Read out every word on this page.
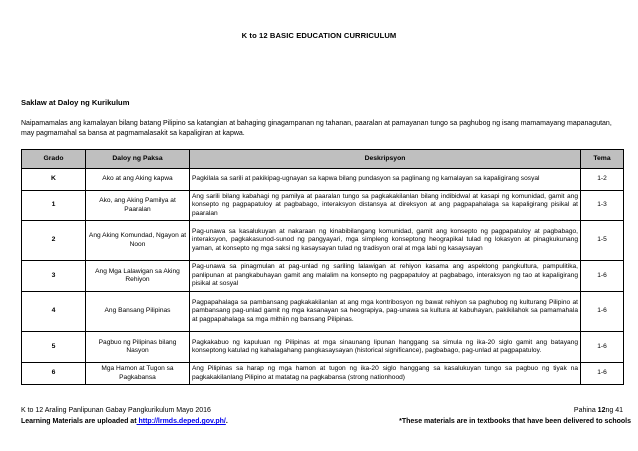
K to 12 BASIC EDUCATION CURRICULUM
Saklaw at Daloy ng Kurikulum
Naipamamalas ang kamalayan bilang batang Pilipino sa katangian at bahaging ginagampanan ng tahanan, paaralan at pamayanan tungo sa paghubog ng isang mamamayang mapanagutan, may pagmamahal sa bansa at pagmamalasakit sa kapaligiran at kapwa.
Grado	Daloy ng Paksa	Deskripsyon	Tema
K	Ako at ang Aking kapwa	Pagkilala sa sarili at pakikipag-ugnayan sa kapwa bilang pundasyon sa paglinang ng kamalayan sa kapaligirang sosyal	1-2
1	Ako, ang Aking Pamilya at Paaralan	Ang sarili bilang kabahagi ng pamilya at paaralan tungo sa pagkakakilanlan bilang indibidwal at kasapi ng komunidad, gamit ang konsepto ng pagpapatuloy at pagbabago, interaksyon distansya at direksyon at ang pagpapahalaga sa kapaligirang pisikal at paaralan	1-3
2	Ang Aking Komundad, Ngayon at Noon	Pag-unawa sa kasalukuyan at nakaraan ng kinabibilangang komunidad, gamit ang konsepto ng pagpapatuloy at pagbabago, interaksyon, pagkakasunod-sunod ng pangyayari, mga simpleng konseptong heograpikal tulad ng lokasyon at pinagkukunang yaman, at konsepto ng mga saksi ng kasaysayan tulad ng tradisyon oral at mga labi ng kasaysayan	1-5
3	Ang Mga Lalawigan sa Aking Rehiyon	Pag-unawa sa pinagmulan at pag-unlad ng sariling lalawigan at rehiyon kasama ang aspektong pangkultura, pampulitika, panlipunan at pangkabuhayan gamit ang malalim na konsepto ng pagpapatuloy at pagbabago, interaksyon ng tao at kapaligirang pisikal at sosyal	1-6
4	Ang Bansang Pilipinas	Pagpapahalaga sa pambansang pagkakakilanlan at ang mga kontribosyon ng bawat rehiyon sa paghubog ng kulturang Pilipino at pambansang pag-unlad gamit ng mga kasanayan sa heograpiya, pag-unawa sa kultura at kabuhayan, pakikilahok sa pamamahala at pagpapahalaga sa mga mithiin ng bansang Pilipinas.	1-6
5	Pagbuo ng Pilipinas bilang Nasyon	Pagkakabuo ng kapuluan ng Pilipinas at mga sinaunang lipunan hanggang sa simula ng ika-20 siglo gamit ang batayang konseptong katulad ng kahalagahang pangkasaysayan (historical significance), pagbabago, pag-unlad at pagpapatuloy.	1-6
6	Mga Hamon at Tugon sa Pagkabansa	Ang Pilipinas sa harap ng mga hamon at tugon ng ika-20 siglo hanggang sa kasalukuyan tungo sa pagbuo ng tiyak na pagkakakilanlang Pilipino at matatag na pagkabansa (strong nationhood)	1-6
K to 12 Araling Panlipunan Gabay Pangkurikulum Mayo 2016	Pahina 12ng 41
Learning Materials are uploaded at http://lrmds.deped.gov.ph/.	*These materials are in textbooks that have been delivered to schools
